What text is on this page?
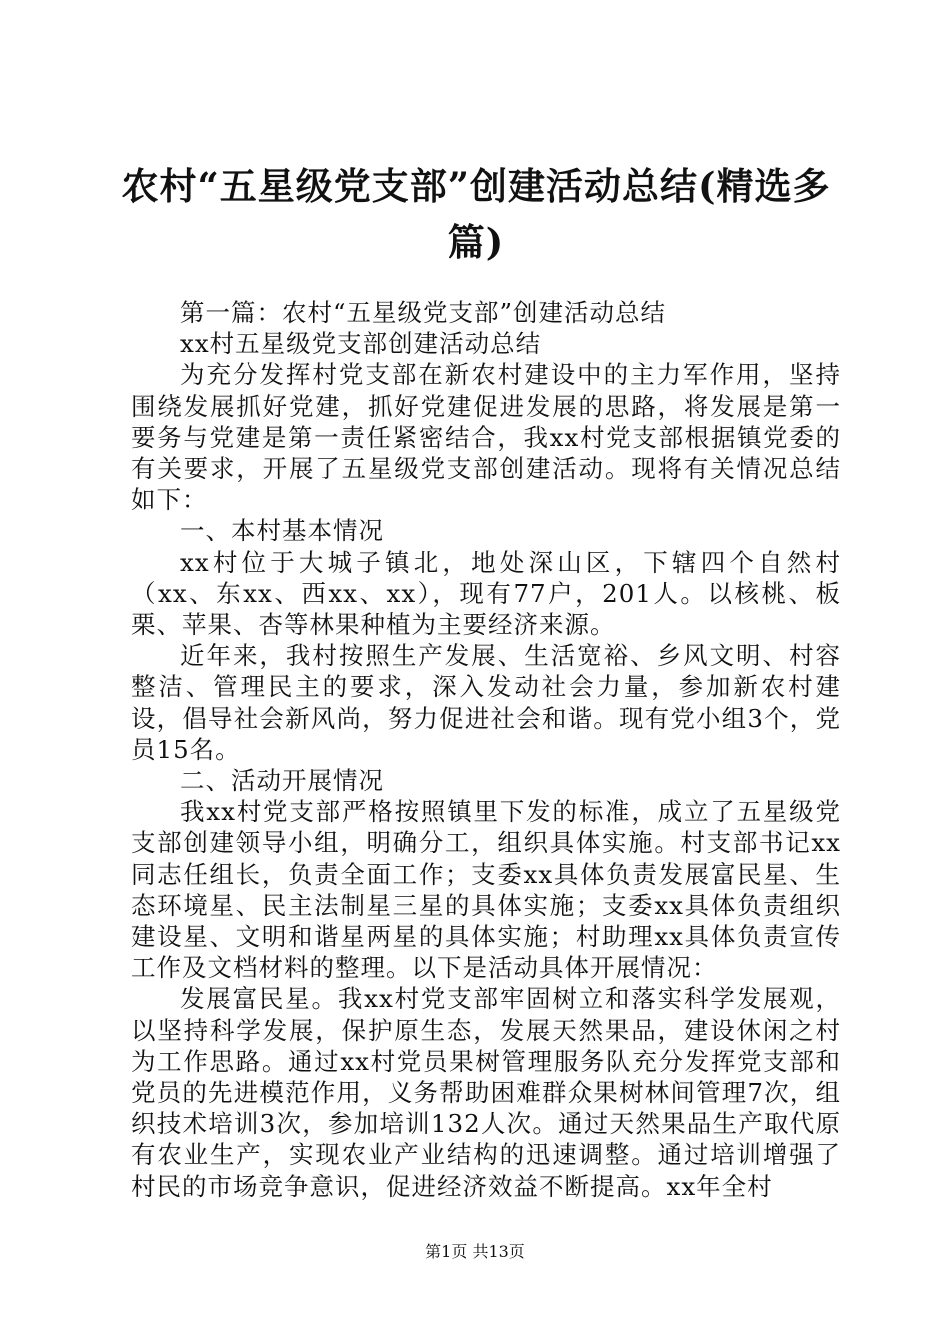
农村“五星级党支部”创建活动总结(精选多篇)

第一篇：农村“五星级党支部”创建活动总结

xx村五星级党支部创建活动总结

为充分发挥村党支部在新农村建设中的主力军作用，坚持围绕发展抓好党建，抓好党建促进发展的思路，将发展是第一要务与党建是第一责任紧密结合，我xx村党支部根据镇党委的有关要求，开展了五星级党支部创建活动。现将有关情况总结如下：

一、本村基本情况

xx村位于大城子镇北，地处深山区，下辖四个自然村（xx、东xx、西xx、xx），现有77户，201人。以核桃、板栗、苹果、杏等林果种植为主要经济来源。

近年来，我村按照生产发展、生活宽裕、乡风文明、村容整洁、管理民主的要求，深入发动社会力量，参加新农村建设，倡导社会新风尚，努力促进社会和谐。现有党小组3个，党员15名。

二、活动开展情况

我xx村党支部严格按照镇里下发的标准，成立了五星级党支部创建领导小组，明确分工，组织具体实施。村支部书记xx同志任组长，负责全面工作；支委xx具体负责发展富民星、生态环境星、民主法制星三星的具体实施；支委xx具体负责组织建设星、文明和谐星两星的具体实施；村助理xx具体负责宣传工作及文档材料的整理。以下是活动具体开展情况：

发展富民星。我xx村党支部牢固树立和落实科学发展观，以坚持科学发展，保护原生态，发展天然果品，建设休闲之村为工作思路。通过xx村党员果树管理服务队充分发挥党支部和党员的先进模范作用，义务帮助困难群众果树林间管理7次，组织技术培训3次，参加培训132人次。通过天然果品生产取代原有农业生产，实现农业产业结构的迅速调整。通过培训增强了村民的市场竞争意识，促进经济效益不断提高。xx年全村

第1页 共13页
